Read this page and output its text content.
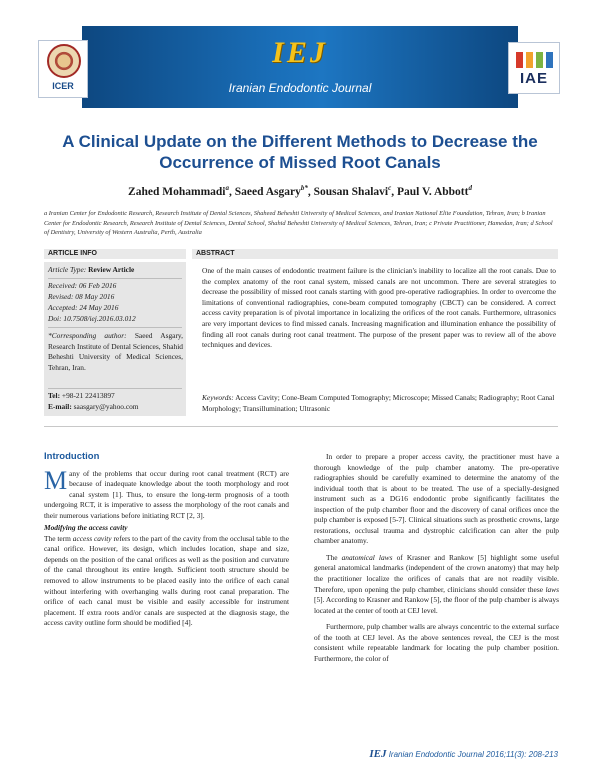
ICER
IEJ
Iranian Endodontic Journal
IAE
A Clinical Update on the Different Methods to Decrease the
Occurrence of Missed Root Canals
Zahed Mohammadi$^a$, Saeed Asgary$^{b*}$, Sousan Shalavi$^c$, Paul V. Abbott$^d$
a Iranian Center for Endodontic Research, Research Institute of Dental Sciences, Shaheed Beheshti University of Medical Sciences, and Iranian National Elite Foundation, Tehran, Iran; b Iranian Center for Endodontic Research, Research Institute of Dental Sciences, Dental School, Shahid Beheshti University of Medical Sciences, Tehran, Iran; c Private Practitioner, Hamedan, Iran; d School of Dentistry, University of Western Australia, Perth, Australia
ARTICLE INFO	ABSTRACT
Article Type: Review Article
Received: 06 Feb 2016
Revised: 08 May 2016
Accepted: 24 May 2016
Doi: 10.7508/iej.2016.03.012
*Corresponding author: Saeed Asgary, Research Institute of Dental Sciences, Shahid Beheshti University of Medical Sciences, Tehran, Iran.
Tel: +98-21 22413897
E-mail: saasgary@yahoo.com
One of the main causes of endodontic treatment failure is the clinician's inability to localize all the root canals. Due to the complex anatomy of the root canal system, missed canals are not uncommon. There are several strategies to decrease the possibility of missed root canals starting with good pre-operative radiographies. In order to overcome the limitations of conventional radiographies, cone-beam computed tomography (CBCT) can be considered. A correct access cavity preparation is of pivotal importance in localizing the orifices of the root canals. Furthermore, ultrasonics are very important devices to find missed canals. Increasing magnification and illumination enhance the possibility of finding all root canals during root canal treatment. The purpose of the present paper was to review all of the above techniques and devices.
Keywords: Access Cavity; Cone-Beam Computed Tomography; Microscope; Missed Canals; Radiography; Root Canal Morphology; Transillumination; Ultrasonic
Introduction
Many of the problems that occur during root canal treatment (RCT) are because of inadequate knowledge about the tooth morphology and root canal system [1]. Thus, to ensure the long-term prognosis of a tooth undergoing RCT, it is imperative to assess the morphology of the root canals and their numerous variations before initiating RCT [2, 3].
Modifying the access cavity
The term access cavity refers to the part of the cavity from the occlusal table to the canal orifice. However, its design, which includes location, shape and size, depends on the position of the canal orifices as well as the position and curvature of the canal throughout its entire length. Sufficient tooth structure should be removed to allow instruments to be placed easily into the orifice of each canal without interfering with overhanging walls during root canal preparation. The orifice of each canal must be visible and easily accessible for instrument placement. If extra roots and/or canals are suspected at the diagnosis stage, the access cavity outline form should be modified [4].
In order to prepare a proper access cavity, the practitioner must have a thorough knowledge of the pulp chamber anatomy. The pre-operative radiographies should be carefully examined to determine the anatomy of the individual tooth that is about to be treated. The use of a specially-designed instrument such as a DG16 endodontic probe significantly facilitates the inspection of the pulp chamber floor and the discovery of canal orifices once the pulp chamber is exposed [5-7]. Clinical situations such as prosthetic crowns, large restorations, occlusal trauma and dystrophic calcification can alter the pulp chamber anatomy.
The anatomical laws of Krasner and Rankow [5] highlight some useful general anatomical landmarks (independent of the crown anatomy) that may help the practitioner localize the orifices of canals that are not readily visible. Therefore, upon opening the pulp chamber, clinicians should consider these laws [5]. According to Krasner and Rankow [5], the floor of the pulp chamber is always located at the center of tooth at CEJ level.
Furthermore, pulp chamber walls are always concentric to the external surface of the tooth at CEJ level. As the above sentences reveal, the CEJ is the most consistent while repeatable landmark for locating the pulp chamber position. Furthermore, the color of
IEJ Iranian Endodontic Journal 2016;11(3): 208-213
